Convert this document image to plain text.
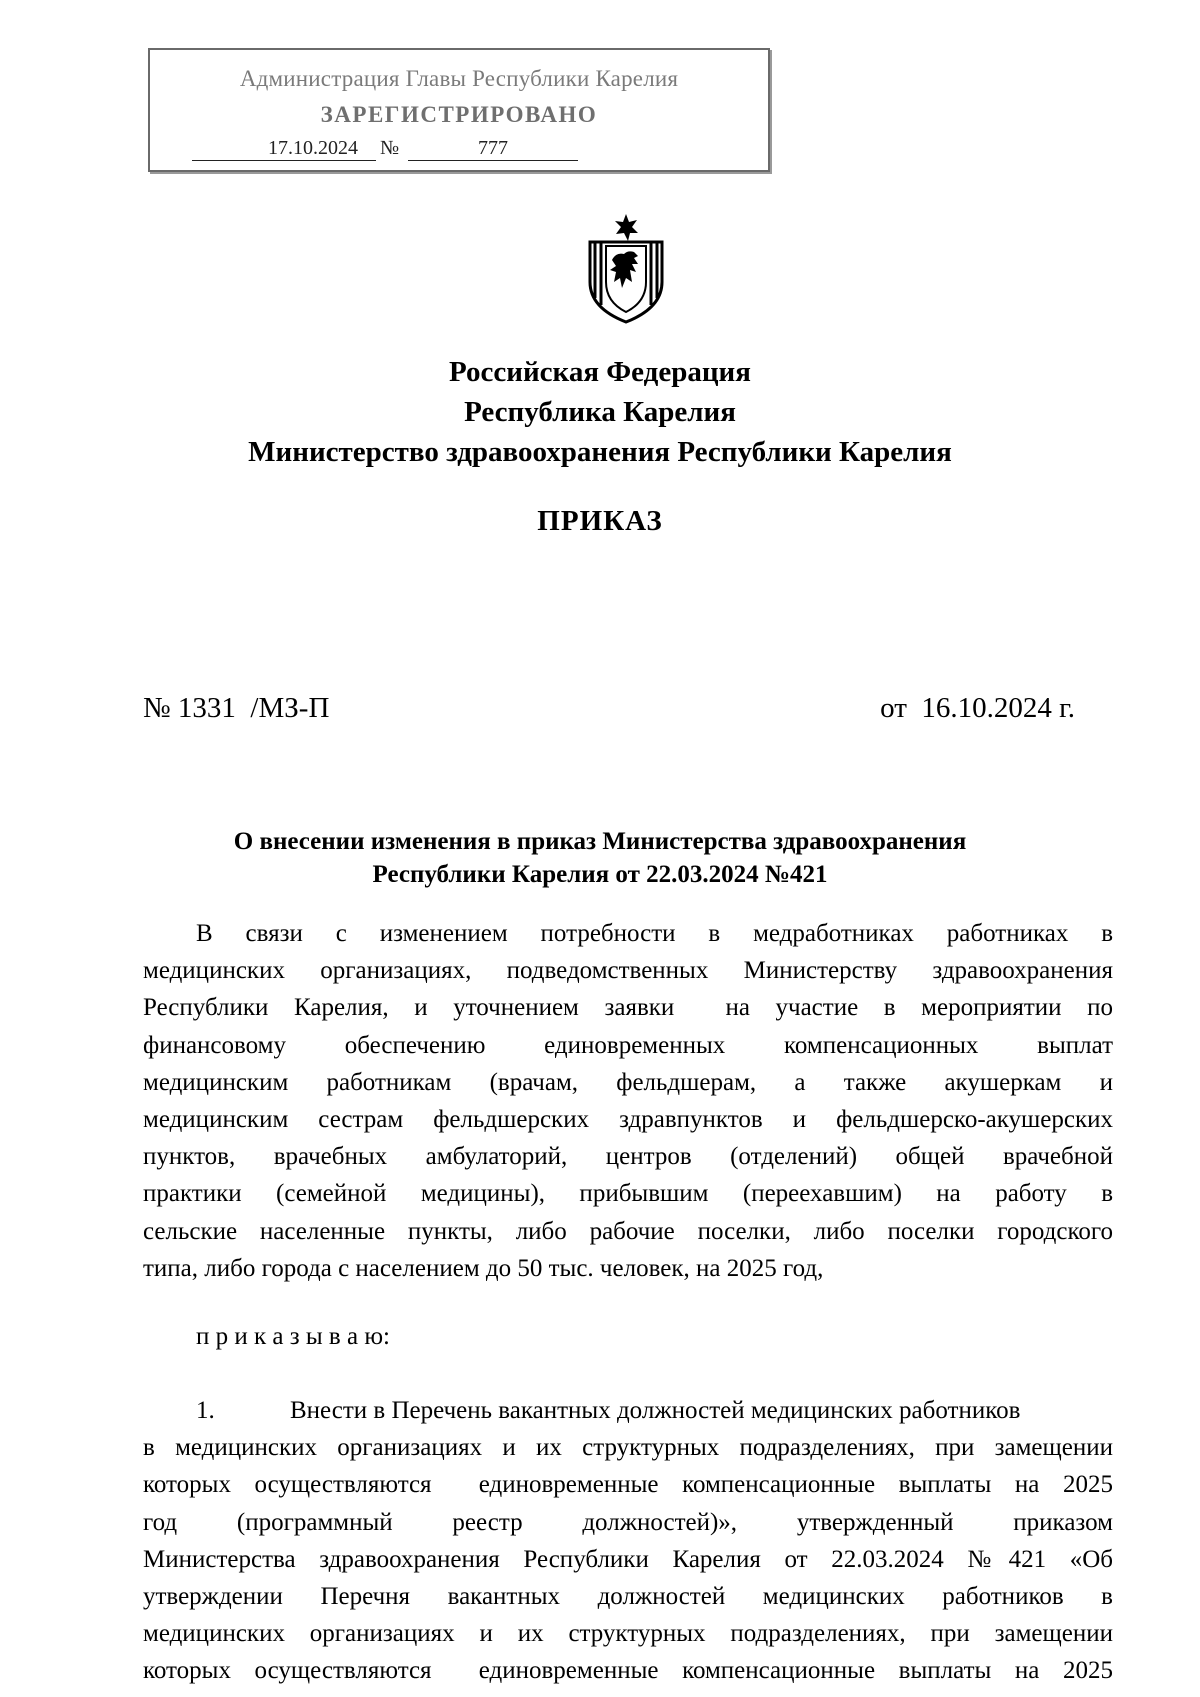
Администрация Главы Республики Карелия
ЗАРЕГИСТРИРОВАНО
17.10.2024 №	777
Российская Федерация
Республика Карелия
Министерство здравоохранения Республики Карелия
ПРИКАЗ
№ 1331  /МЗ-П	от  16.10.2024 г.
О внесении изменения в приказ Министерства здравоохранения
Республики Карелия от 22.03.2024 №421
В связи с изменением потребности в медработниках работниках в
медицинских организациях, подведомственных Министерству здравоохранения
Республики Карелия, и уточнением заявки  на участие в мероприятии по
финансовому обеспечению единовременных компенсационных выплат
медицинским работникам (врачам, фельдшерам, а также акушеркам и
медицинским сестрам фельдшерских здравпунктов и фельдшерско-акушерских
пунктов, врачебных амбулаторий, центров (отделений) общей врачебной
практики (семейной медицины), прибывшим (переехавшим) на работу в
сельские населенные пункты, либо рабочие поселки, либо поселки городского
типа, либо города с населением до 50 тыс. человек, на 2025 год,
п р и к а з ы в а ю:
1.	Внести в Перечень вакантных должностей медицинских работников
в медицинских организациях и их структурных подразделениях, при замещении
которых осуществляются  единовременные компенсационные выплаты на 2025
год (программный реестр должностей)», утвержденный приказом
Министерства здравоохранения Республики Карелия от 22.03.2024 №421 «Об
утверждении Перечня вакантных должностей медицинских работников в
медицинских организациях и их структурных подразделениях, при замещении
которых осуществляются  единовременные компенсационные выплаты на 2025
